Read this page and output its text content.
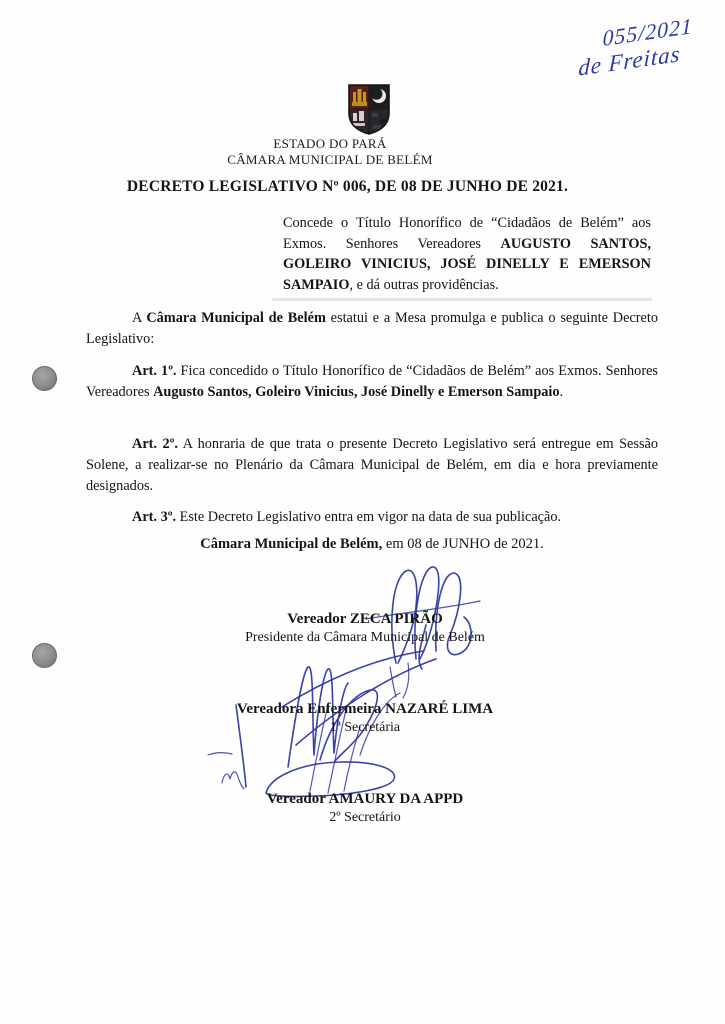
055/2021
de Freitas
ESTADO DO PARÁ
CÂMARA MUNICIPAL DE BELÉM
DECRETO LEGISLATIVO Nº 006, DE 08 DE JUNHO DE 2021.
Concede o Título Honorífico de “Cidadãos de Belém” aos Exmos. Senhores Vereadores AUGUSTO SANTOS, GOLEIRO VINICIUS, JOSÉ DINELLY E EMERSON SAMPAIO, e dá outras providências.
A Câmara Municipal de Belém estatui e a Mesa promulga e publica o seguinte Decreto Legislativo:
Art. 1º. Fica concedido o Título Honorífico de “Cidadãos de Belém” aos Exmos. Senhores Vereadores Augusto Santos, Goleiro Vinicius, José Dinelly e Emerson Sampaio.
Art. 2º. A honraria de que trata o presente Decreto Legislativo será entregue em Sessão Solene, a realizar-se no Plenário da Câmara Municipal de Belém, em dia e hora previamente designados.
Art. 3º. Este Decreto Legislativo entra em vigor na data de sua publicação.
Câmara Municipal de Belém, em 08 de JUNHO de 2021.
Vereador ZECA PIRÃO
Presidente da Câmara Municipal de Belém
Vereadora Enfermeira NAZARÉ LIMA
1ª Secretária
Vereador AMAURY DA APPD
2º Secretário
